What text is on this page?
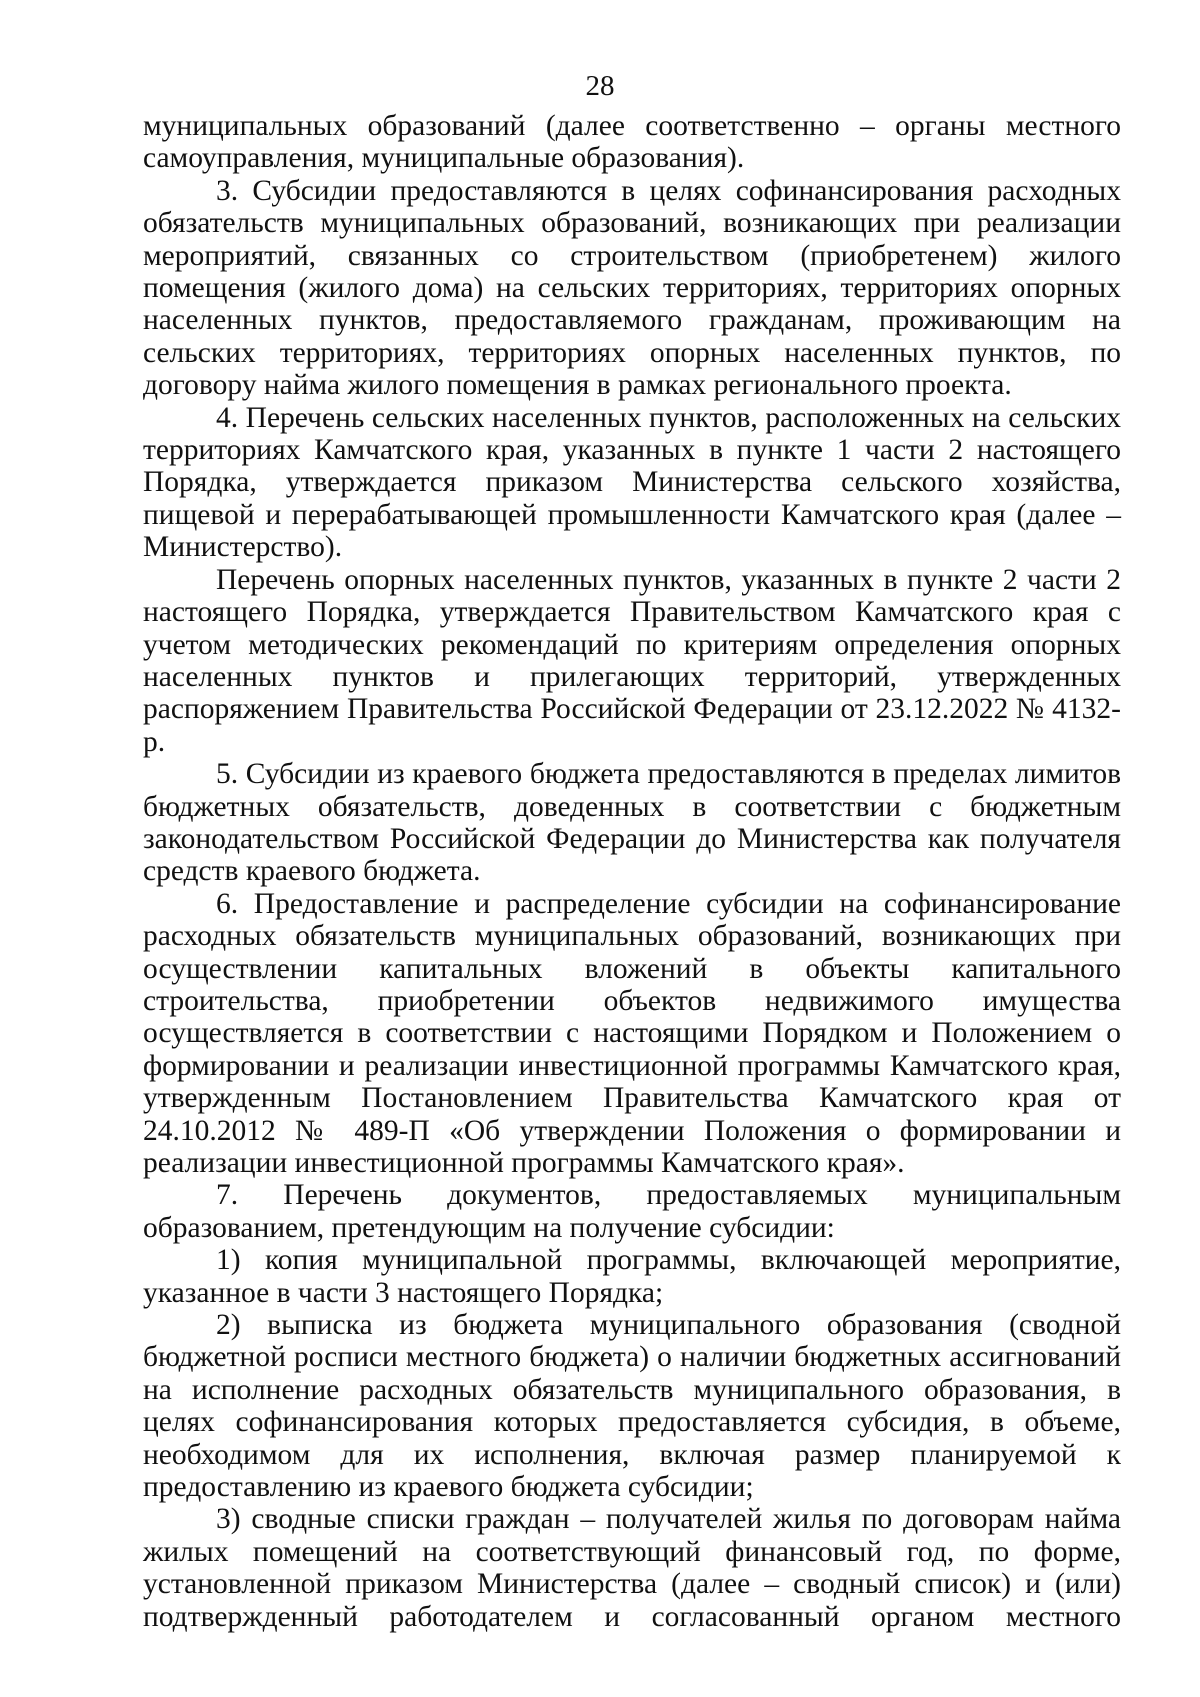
28

муниципальных образований (далее соответственно – органы местного самоуправления, муниципальные образования).

3. Субсидии предоставляются в целях софинансирования расходных обязательств муниципальных образований, возникающих при реализации мероприятий, связанных со строительством (приобретенем) жилого помещения (жилого дома) на сельских территориях, территориях опорных населенных пунктов, предоставляемого гражданам, проживающим на сельских территориях, территориях опорных населенных пунктов, по договору найма жилого помещения в рамках регионального проекта.

4. Перечень сельских населенных пунктов, расположенных на сельских территориях Камчатского края, указанных в пункте 1 части 2 настоящего Порядка, утверждается приказом Министерства сельского хозяйства, пищевой и перерабатывающей промышленности Камчатского края (далее – Министерство).

Перечень опорных населенных пунктов, указанных в пункте 2 части 2 настоящего Порядка, утверждается Правительством Камчатского края с учетом методических рекомендаций по критериям определения опорных населенных пунктов и прилегающих территорий, утвержденных распоряжением Правительства Российской Федерации от 23.12.2022 № 4132-р.

5. Субсидии из краевого бюджета предоставляются в пределах лимитов бюджетных обязательств, доведенных в соответствии с бюджетным законодательством Российской Федерации до Министерства как получателя средств краевого бюджета.

6. Предоставление и распределение субсидии на софинансирование расходных обязательств муниципальных образований, возникающих при осуществлении капитальных вложений в объекты капитального строительства, приобретении объектов недвижимого имущества осуществляется в соответствии с настоящими Порядком и Положением о формировании и реализации инвестиционной программы Камчатского края, утвержденным Постановлением Правительства Камчатского края от 24.10.2012 № 489-П «Об утверждении Положения о формировании и реализации инвестиционной программы Камчатского края».

7. Перечень документов, предоставляемых муниципальным образованием, претендующим на получение субсидии:

1) копия муниципальной программы, включающей мероприятие, указанное в части 3 настоящего Порядка;

2) выписка из бюджета муниципального образования (сводной бюджетной росписи местного бюджета) о наличии бюджетных ассигнований на исполнение расходных обязательств муниципального образования, в целях софинансирования которых предоставляется субсидия, в объеме, необходимом для их исполнения, включая размер планируемой к предоставлению из краевого бюджета субсидии;

3) сводные списки граждан – получателей жилья по договорам найма жилых помещений на соответствующий финансовый год, по форме, установленной приказом Министерства (далее – сводный список) и (или) подтвержденный работодателем и согласованный органом местного
